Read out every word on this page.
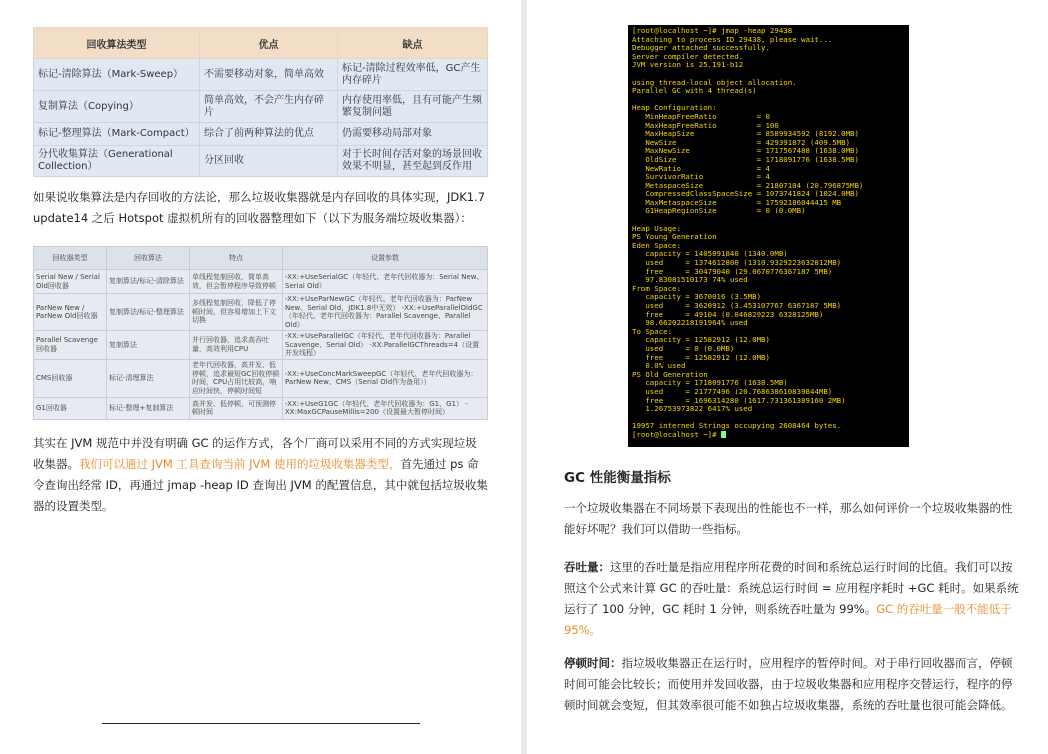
回收算法类型	优点	缺点
标记-清除算法（Mark-Sweep）	不需要移动对象，简单高效	标记-清除过程效率低，GC产生内存碎片
复制算法（Copying）	简单高效，不会产生内存碎片	内存使用率低，且有可能产生频繁复制问题
标记-整理算法（Mark-Compact）	综合了前两种算法的优点	仍需要移动局部对象
分代收集算法（Generational Collection）	分区回收	对于长时间存活对象的场景回收效果不明显，甚至起到反作用
如果说收集算法是内存回收的方法论，那么垃圾收集器就是内存回收的具体实现，JDK1.7 update14 之后 Hotspot 虚拟机所有的回收器整理如下（以下为服务端垃圾收集器）：
回收器类型	回收算法	特点	设置参数
Serial New / Serial Old回收器	复制算法/标记-清除算法	单线程复制回收，简单高效，但会暂停程序导致停顿	-XX:+UseSerialGC（年轻代、老年代回收器为：Serial New、Serial Old）
ParNew New / ParNew Old回收器	复制算法/标记-整理算法	多线程复制回收，降低了停顿时间，但容易增加上下文切换	-XX:+UseParNewGC（年轻代、老年代回收器为：ParNew New、Serial Old，JDK1.8中无效） -XX:+UseParallelOldGC（年轻代、老年代回收器为：Parallel Scavenge、Parallel Old）
Parallel Scavenge回收器	复制算法	并行回收器，追求高吞吐量，高效利用CPU	-XX:+UseParallelGC（年轻代、老年代回收器为：Parallel Scavenge、Serial Old） -XX:ParallelGCThreads=4（设置并发线程）
CMS回收器	标记-清理算法	老年代回收器，高并发、低停顿，追求最短GC回收停顿时间，CPU占用比较高，响应时间快，停顿时间短	-XX:+UseConcMarkSweepGC（年轻代、老年代回收器为：ParNew New、CMS（Serial Old作为备用））
G1回收器	标记-整理+复制算法	高并发、低停顿，可预测停顿时间	-XX:+UseG1GC（年轻代、老年代回收器为：G1、G1） -XX:MaxGCPauseMillis=200（设置最大暂停时间）
其实在 JVM 规范中并没有明确 GC 的运作方式，各个厂商可以采用不同的方式实现垃圾收集器。我们可以通过 JVM 工具查询当前 JVM 使用的垃圾收集器类型，首先通过 ps 命令查询出经常 ID，再通过 jmap -heap ID 查询出 JVM 的配置信息，其中就包括垃圾收集器的设置类型。
[root@localhost ~]# jmap -heap 29438
Attaching to process ID 29438, please wait...
Debugger attached successfully.
Server compiler detected.
JVM version is 25.191-b12

using thread-local object allocation.
Parallel GC with 4 thread(s)

Heap Configuration:
MinHeapFreeRatio         = 0
MaxHeapFreeRatio         = 100
MaxHeapSize              = 8589934592 (8192.0MB)
NewSize                  = 429391872 (409.5MB)
MaxNewSize               = 1717567488 (1638.0MB)
OldSize                  = 1718091776 (1638.5MB)
NewRatio                 = 4
SurvivorRatio            = 4
MetaspaceSize            = 21807104 (20.796875MB)
CompressedClassSpaceSize = 1073741824 (1024.0MB)
MaxMetaspaceSize         = 17592186044415 MB
G1HeapRegionSize         = 0 (0.0MB)

Heap Usage:
PS Young Generation
Eden Space:
capacity = 1405091840 (1340.0MB)
used     = 1374612800 (1310.9329223632812MB)
free     = 30479040 (29.0670776367187 5MB)
97.83081510173 74% used
From Space:
capacity = 3670016 (3.5MB)
used     = 3620912 (3.453107767 6367187 5MB)
free     = 49104 (0.046829223 6328125MB)
98.66202218191964% used
To Space:
capacity = 12582912 (12.0MB)
used     = 0 (0.0MB)
free     = 12582912 (12.0MB)
0.0% used
PS Old Generation
capacity = 1718091776 (1638.5MB)
used     = 21777496 (20.768638610839844MB)
free     = 1696314280 (1617.731361389160 2MB)
1.26753973822 6417% used

19957 interned Strings occupying 2608464 bytes.
[root@localhost ~]#
GC 性能衡量指标
一个垃圾收集器在不同场景下表现出的性能也不一样，那么如何评价一个垃圾收集器的性能好坏呢？我们可以借助一些指标。
吞吐量：这里的吞吐量是指应用程序所花费的时间和系统总运行时间的比值。我们可以按照这个公式来计算 GC 的吞吐量：系统总运行时间 = 应用程序耗时 +GC 耗时。如果系统运行了 100 分钟，GC 耗时 1 分钟，则系统吞吐量为 99%。GC 的吞吐量一般不能低于 95%。
停顿时间：指垃圾收集器正在运行时，应用程序的暂停时间。对于串行回收器而言，停顿时间可能会比较长；而使用并发回收器，由于垃圾收集器和应用程序交替运行，程序的停顿时间就会变短，但其效率很可能不如独占垃圾收集器，系统的吞吐量也很可能会降低。
